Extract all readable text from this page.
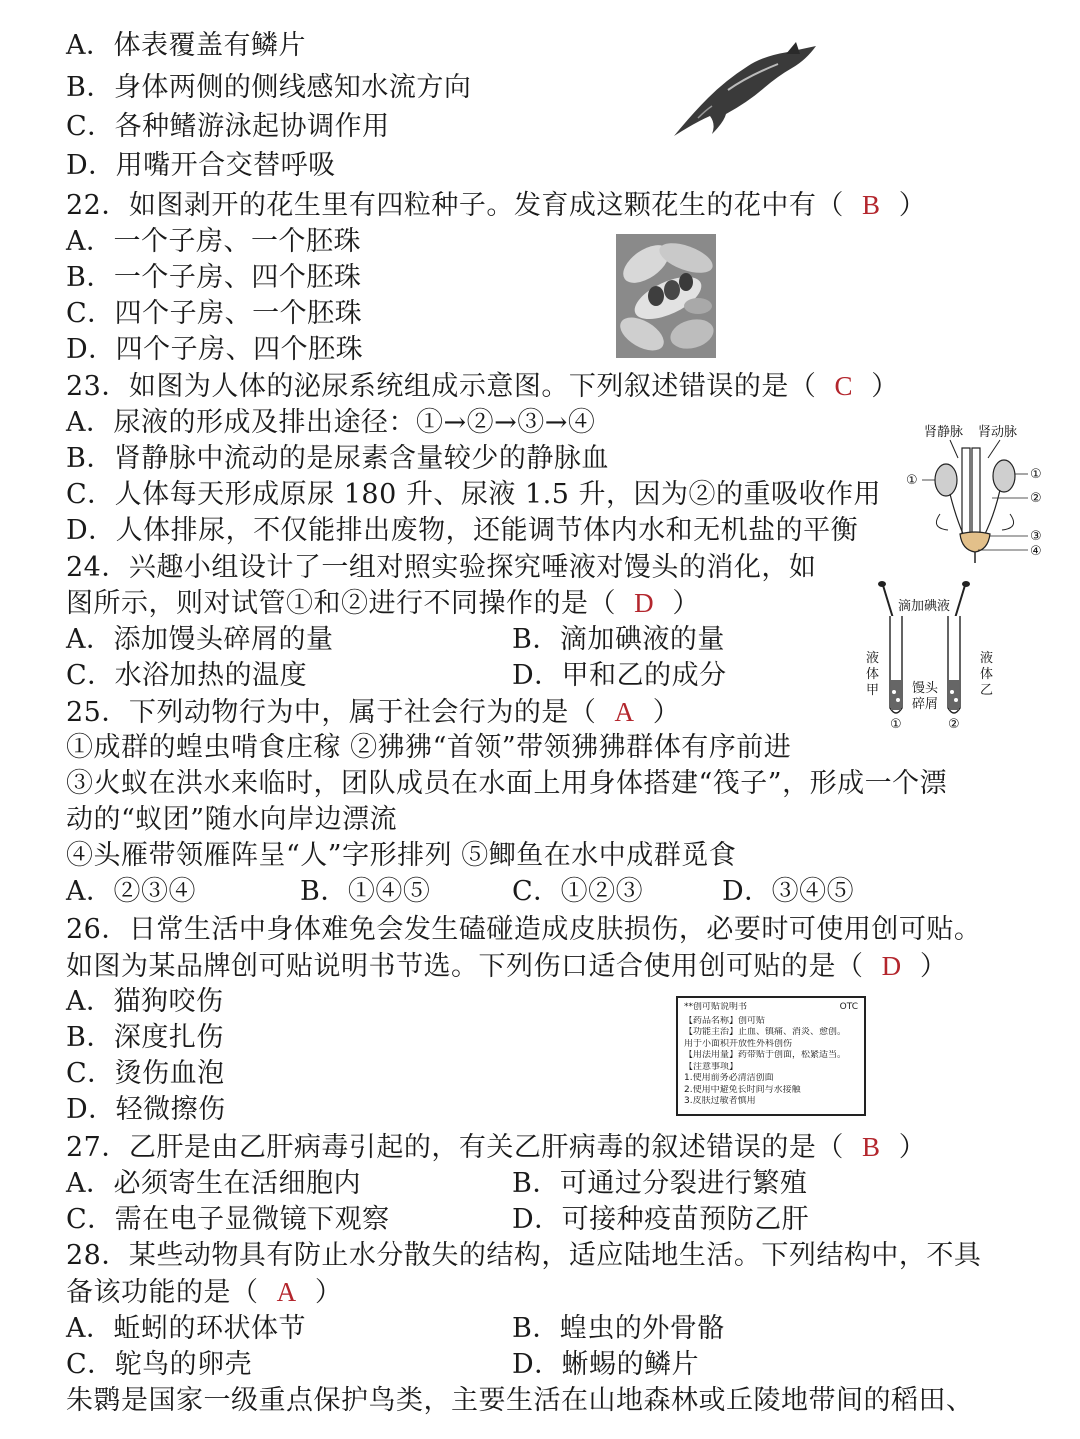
A．体表覆盖有鳞片
B．身体两侧的侧线感知水流方向
C．各种鳍游泳起协调作用
D．用嘴开合交替呼吸
22．如图剥开的花生里有四粒种子。发育成这颗花生的花中有（ B ）
A．一个子房、一个胚珠
B．一个子房、四个胚珠
C．四个子房、一个胚珠
D．四个子房、四个胚珠
23．如图为人体的泌尿系统组成示意图。下列叙述错误的是（ C ）
A．尿液的形成及排出途径：①→②→③→④
B．肾静脉中流动的是尿素含量较少的静脉血
C．人体每天形成原尿 180 升、尿液 1.5 升，因为②的重吸收作用
D．人体排尿，不仅能排出废物，还能调节体内水和无机盐的平衡
肾静脉 肾动脉
①	①
②
③
④
24．兴趣小组设计了一组对照实验探究唾液对馒头的消化，如
图所示，则对试管①和②进行不同操作的是（ D ）
A．添加馒头碎屑的量	B．滴加碘液的量
C．水浴加热的温度	D．甲和乙的成分
滴加碘液
液
体
甲
液
体
乙
馒头
碎屑
①	②
25．下列动物行为中，属于社会行为的是（ A ）
①成群的蝗虫啃食庄稼 ②狒狒“首领”带领狒狒群体有序前进
③火蚁在洪水来临时，团队成员在水面上用身体搭建“筏子”，形成一个漂
动的“蚁团”随水向岸边漂流
④头雁带领雁阵呈“人”字形排列 ⑤鲫鱼在水中成群觅食
A．②③④	B．①④⑤	C．①②③	D．③④⑤
26．日常生活中身体难免会发生磕碰造成皮肤损伤，必要时可使用创可贴。
如图为某品牌创可贴说明书节选。下列伤口适合使用创可贴的是（ D ）
A．猫狗咬伤
B．深度扎伤
C．烫伤血泡
D．轻微擦伤
**创可贴说明书	OTC
【药品名称】创可贴
【功能主治】止血、镇痛、消炎、愈创。
用于小面积开放性外科创伤
【用法用量】药带贴于创面，松紧适当。
【注意事项】
1.使用前务必清洁创面
2.使用中避免长时间与水接触
3.皮肤过敏者慎用
27．乙肝是由乙肝病毒引起的，有关乙肝病毒的叙述错误的是（ B ）
A．必须寄生在活细胞内	B．可通过分裂进行繁殖
C．需在电子显微镜下观察	D．可接种疫苗预防乙肝
28．某些动物具有防止水分散失的结构，适应陆地生活。下列结构中，不具
备该功能的是（ A ）
A．蚯蚓的环状体节	B．蝗虫的外骨骼
C．鸵鸟的卵壳	D．蜥蜴的鳞片
朱鹮是国家一级重点保护鸟类，主要生活在山地森林或丘陵地带间的稻田、
